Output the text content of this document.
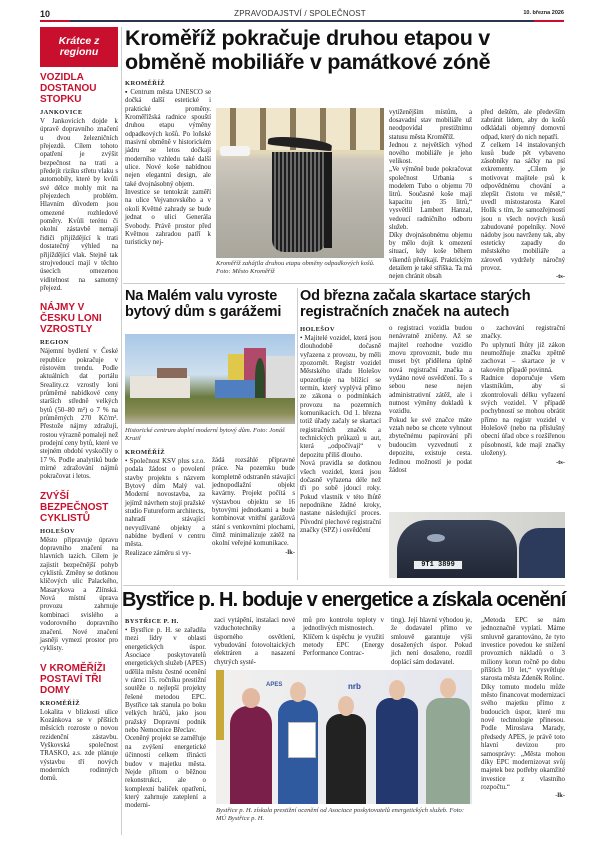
10	ZPRAVODAJSTVÍ / SPOLEČNOST	10. března 2026
Krátce z regionu
VOZIDLA DOSTANOU STOPKU
JANKOVICE

V Jankovicích dojde k úpravě dopravního značení u dvou železničních přejezdů. Cílem tohoto opatření je zvýšit bezpečnost na trati a předejít riziku střetu vlaku s automobily, které by kvůli své délce mohly mít na přejezdech problém. Hlavním důvodem jsou omezené rozhledové poměry. Kvůli terénu či okolní zástavbě nemají řidiči přijíždějící k trati dostatečný výhled na přijíždějící vlak. Stejně tak strojvedoucí mají v těchto úsecích omezenou viditelnost na samotný přejezd.

NÁJMY V ČESKU LONI VZROSTLY
REGION

Nájemní bydlení v České republice pokračuje v růstovém trendu. Podle aktuálních dat portálu Sreality.cz vzrostly loni průměrné nabídkové ceny starších středně velkých bytů (50–80 m²) o 7 % na průměrných 270 Kč/m². Přestože nájmy zdražují, rostou výrazně pomaleji než prodejní ceny bytů, které ve stejném období vyskočily o 17 %. Podle analytiků bude mírné zdražování nájmů pokračovat i letos.

ZVÝŠÍ BEZPEČNOST CYKLISTŮ
HOLEŠOV

Město připravuje úpravu dopravního značení na hlavních tazích. Cílem je zajistit bezpečnější pohyb cyklistů. Změny se dotknou klíčových ulic Palackého, Masarykova a Zlínská. Nová místní úprava provozu zahrnuje kombinaci svislého a vodorovného dopravního značení. Nové značení jasněji vymezí prostor pro cyklisty.

V KROMĚŘÍŽI POSTAVÍ TŘI DOMY
KROMĚŘÍŽ

Lokalita v blízkosti ulice Kozánkova se v příštích měsících rozroste o novou rezidenční zástavbu. Vyškovská společnost TRASKO, a.s. zde plánuje výstavbu tří nových moderních rodinných domů.

Kroměříž pokračuje druhou etapou v obměně mobiliáře v památkové zóně
KROMĚŘÍŽ

▪ Centrum města UNESCO se dočká další estetické i praktické proměny. Kroměřížská radnice spouští druhou etapu výměny odpadkových košů. Po loňské masivní obměně v historickém jádru se letos dočkají moderního vzhledu také další ulice. Nové koše nabídnou nejen elegantní design, ale také dvojnásobný objem.

Investice se tentokrát zaměří na ulice Vejvanovského a v okolí Květné zahrady se bude jednat o ulici Generála Svobody. Právě prostor před Květnou zahradou patří k turisticky nej-

Kroměříž zahájila druhou etapu obměny odpadkových košů. Foto: Město Kroměříž

vytíženějším místům, a dosavadní stav mobiliáře už neodpovídal prestižnímu statusu města Kroměříž.

Jednou z největších výhod nového mobiliáře je jeho velikost.

„Ve výměně bude pokračovat společnost Urbania s modelem Tubo o objemu 70 litrů. Současné koše mají kapacitu jen 35 litrů,“ vysvětlil Lambert Hanzal, vedoucí radničního odboru služeb.

Díky dvojnásobnému objemu by mělo dojít k omezení situací, kdy koše během víkendů přetékají. Praktickým detailem je také stříška. Ta má nejen chránit obsah

před deštěm, ale především zabránit lidem, aby do košů odkládali objemný domovní odpad, který do nich nepatří.

Z celkem 14 instalovaných kusů bude pět vybaveno zásobníky na sáčky na psí exkrementy. „Cílem je motivovat majitele psů k odpovědnému chování a zlepšit čistotu ve městě,“ uvedl místostarosta Karel Holík s tím, že samozřejmostí jsou u všech nových kusů zabudované popelníky. Nové nádoby jsou navrženy tak, aby esteticky zapadly do městského mobiliáře a zároveň vydržely náročný provoz.

-ts-
Na Malém valu vyroste bytový dům s garážemi
Historické centrum doplní moderní bytový dům. Foto: Jonáš Krutil
KROMĚŘÍŽ

• Společnost KSV plus s.r.o. podala žádost o povolení stavby projektu s názvem Bytový dům Malý val. Moderní novostavba, za jejímž návrhem stojí pražské studio Futureform architects, nahradí stávající nevyužívané objekty a nabídne bydlení v centru města.

Realizace záměru si vy-

žádá rozsáhlé přípravné práce. Na pozemku bude kompletně odstraněn stávající jednopodlažní objekt kavárny. Projekt počítá s výstavbou objektu se 16 bytovými jednotkami a bude kombinovat vnitřní garážová stání s venkovními plochami, čímž minimalizuje zátěž na okolní veřejné komunikace.

-lk-
Od března začala skartace starých registračních značek na autech
HOLEŠOV

• Majitelé vozidel, která jsou dlouhodobě dočasně vyřazena z provozu, by měli zpozornět. Registr vozidel Městského úřadu Holešov upozorňuje na blížící se termín, který vyplývá přímo ze zákona o podmínkách provozu na pozemních komunikacích. Od 1. března totiž úřady začaly se skartací registračních značek a technických průkazů u aut, která „odpočívají“ v depozitu příliš dlouho.

Nová pravidla se dotknou všech vozidel, která jsou dočasně vyřazena déle než tři po sobě jdoucí roky. Pokud vlastník v této lhůtě nepodnikne žádné kroky, nastane následující proces. Původní plechové registrační značky (SPZ) i osvědčení

o registraci vozidla budou nenávratně zničeny. Až se majitel rozhodne vozidlo znovu zprovoznit, bude mu muset být přidělena úplně nová registrační značka a vydáno nové osvědčení. To s sebou nese nejen administrativní zátěž, ale i nutnost výměny dokladů k vozidlu.

Pokud ke své značce máte vztah nebo se chcete vyhnout zbytečnému papírování při budoucím vyzvednutí z depozitu, existuje cesta. Jedinou možností je podat žádost

o zachování registrační značky.

Po uplynutí lhůty již zákon neumožňuje značku zpětně zachovat – skartace je v takovém případě povinná.

Radnice doporučuje všem vlastníkům, aby si zkontrolovali délku vyřazení svých vozidel. V případě pochybností se mohou obrátit přímo na registr vozidel v Holešově (nebo na příslušný obecní úřad obce s rozšířenou působností, kde mají značky uloženy).

-ts-
9T1 3899
Bystřice p. H. boduje v energetice a získala ocenění
BYSTŘICE P. H.

• Bystřice p. H. se zařadila mezi lídry v oblasti energetických úspor. Asociace poskytovatelů energetických služeb (APES) udělila městu čestné ocenění v rámci 15. ročníku prestižní soutěže o nejlepší projekty řešené metodou EPC. Bystřice tak stanula po boku velkých hráčů, jako jsou pražský Dopravní podnik nebo Nemocnice Břeclav.

Oceněný projekt se zaměřuje na zvýšení energetické účinnosti celkem třinácti budov v majetku města. Nejde přitom o běžnou rekonstrukci, ale o komplexní balíček opatření, který zahrnuje zateplení a moderni-

zaci vytápění, instalaci nové vzduchotechniky a úsporného osvětlení, vybudování fotovoltaických elektráren a nasazení chytrých systé-

mů pro kontrolu teploty v jednotlivých místnostech.

Klíčem k úspěchu je využití metody EPC (Energy Performance Contrac-

ting). Její hlavní výhodou je, že dodavatel přímo ve smlouvě garantuje výši dosažených úspor. Pokud jich není dosaženo, rozdíl doplácí sám dodavatel.

„Metoda EPC se nám jednoznačně vyplatí. Máme smluvně garantováno, že tyto investice povedou ke snížení provozních nákladů o 3 miliony korun ročně po dobu příštích 10 let,“ vysvětluje starosta města Zdeněk Rolinc.

Díky tomuto modelu může město financovat modernizaci svého majetku přímo z budoucích úspor, které mu nové technologie přinesou. Podle Miroslava Marady, předsedy APES, je právě toto hlavní devizou pro samosprávy: „Města mohou díky EPC modernizovat svůj majetek bez potřeby okamžité investice z vlastního rozpočtu.“

-lk-
APES	nrb
Bystřice p. H. získala prestižní ocenění od Asociace poskytovatelů energetických služeb. Foto: MÚ Bystřice p. H.
